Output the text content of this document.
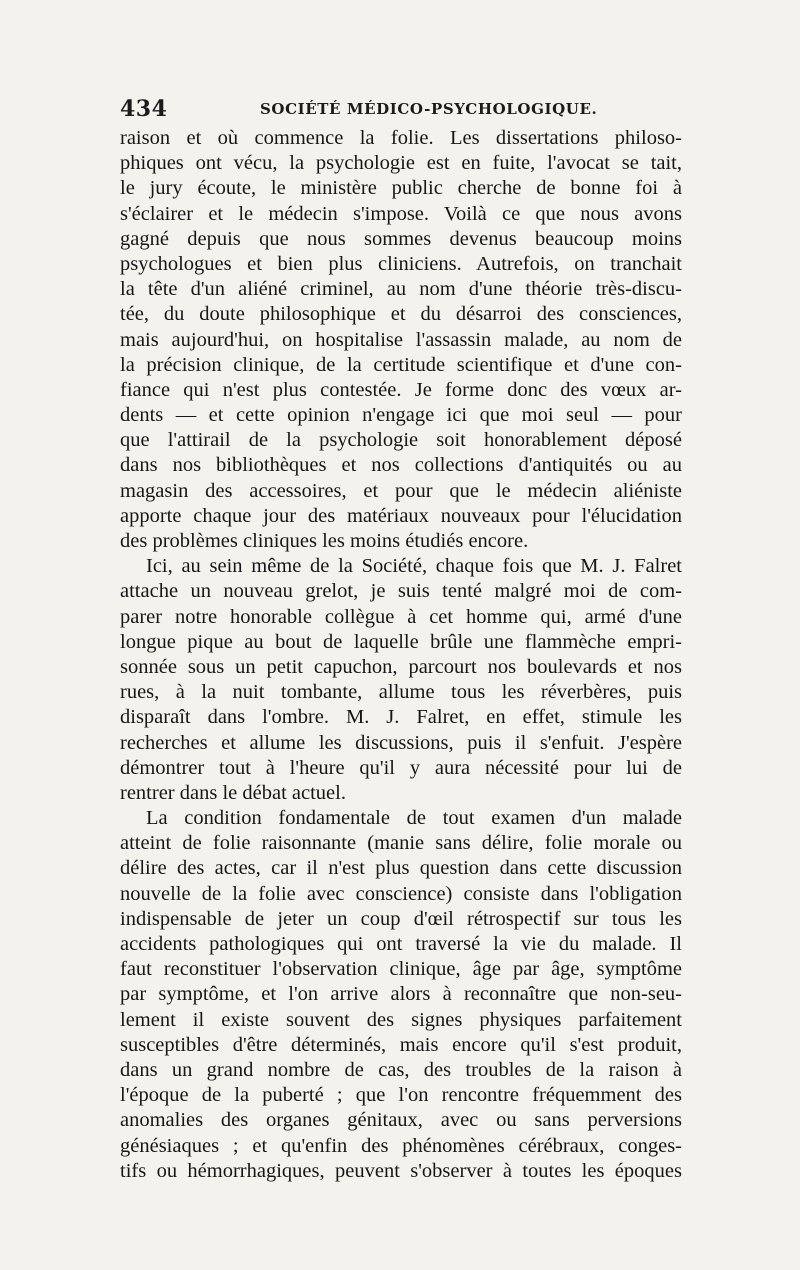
434	SOCIÉTÉ MÉDICO-PSYCHOLOGIQUE.
raison et où commence la folie. Les dissertations philoso-
phiques ont vécu, la psychologie est en fuite, l'avocat se tait,
le jury écoute, le ministère public cherche de bonne foi à
s'éclairer et le médecin s'impose. Voilà ce que nous avons
gagné depuis que nous sommes devenus beaucoup moins
psychologues et bien plus cliniciens. Autrefois, on tranchait
la tête d'un aliéné criminel, au nom d'une théorie très-discu-
tée, du doute philosophique et du désarroi des consciences,
mais aujourd'hui, on hospitalise l'assassin malade, au nom de
la précision clinique, de la certitude scientifique et d'une con-
fiance qui n'est plus contestée. Je forme donc des vœux ar-
dents — et cette opinion n'engage ici que moi seul — pour
que l'attirail de la psychologie soit honorablement déposé
dans nos bibliothèques et nos collections d'antiquités ou au
magasin des accessoires, et pour que le médecin aliéniste
apporte chaque jour des matériaux nouveaux pour l'élucidation
des problèmes cliniques les moins étudiés encore.
Ici, au sein même de la Société, chaque fois que M. J. Falret
attache un nouveau grelot, je suis tenté malgré moi de com-
parer notre honorable collègue à cet homme qui, armé d'une
longue pique au bout de laquelle brûle une flammèche empri-
sonnée sous un petit capuchon, parcourt nos boulevards et nos
rues, à la nuit tombante, allume tous les réverbères, puis
disparaît dans l'ombre. M. J. Falret, en effet, stimule les
recherches et allume les discussions, puis il s'enfuit. J'espère
démontrer tout à l'heure qu'il y aura nécessité pour lui de
rentrer dans le débat actuel.
La condition fondamentale de tout examen d'un malade
atteint de folie raisonnante (manie sans délire, folie morale ou
délire des actes, car il n'est plus question dans cette discussion
nouvelle de la folie avec conscience) consiste dans l'obligation
indispensable de jeter un coup d'œil rétrospectif sur tous les
accidents pathologiques qui ont traversé la vie du malade. Il
faut reconstituer l'observation clinique, âge par âge, symptôme
par symptôme, et l'on arrive alors à reconnaître que non-seu-
lement il existe souvent des signes physiques parfaitement
susceptibles d'être déterminés, mais encore qu'il s'est produit,
dans un grand nombre de cas, des troubles de la raison à
l'époque de la puberté ; que l'on rencontre fréquemment des
anomalies des organes génitaux, avec ou sans perversions
génésiaques ; et qu'enfin des phénomènes cérébraux, conges-
tifs ou hémorrhagiques, peuvent s'observer à toutes les époques
